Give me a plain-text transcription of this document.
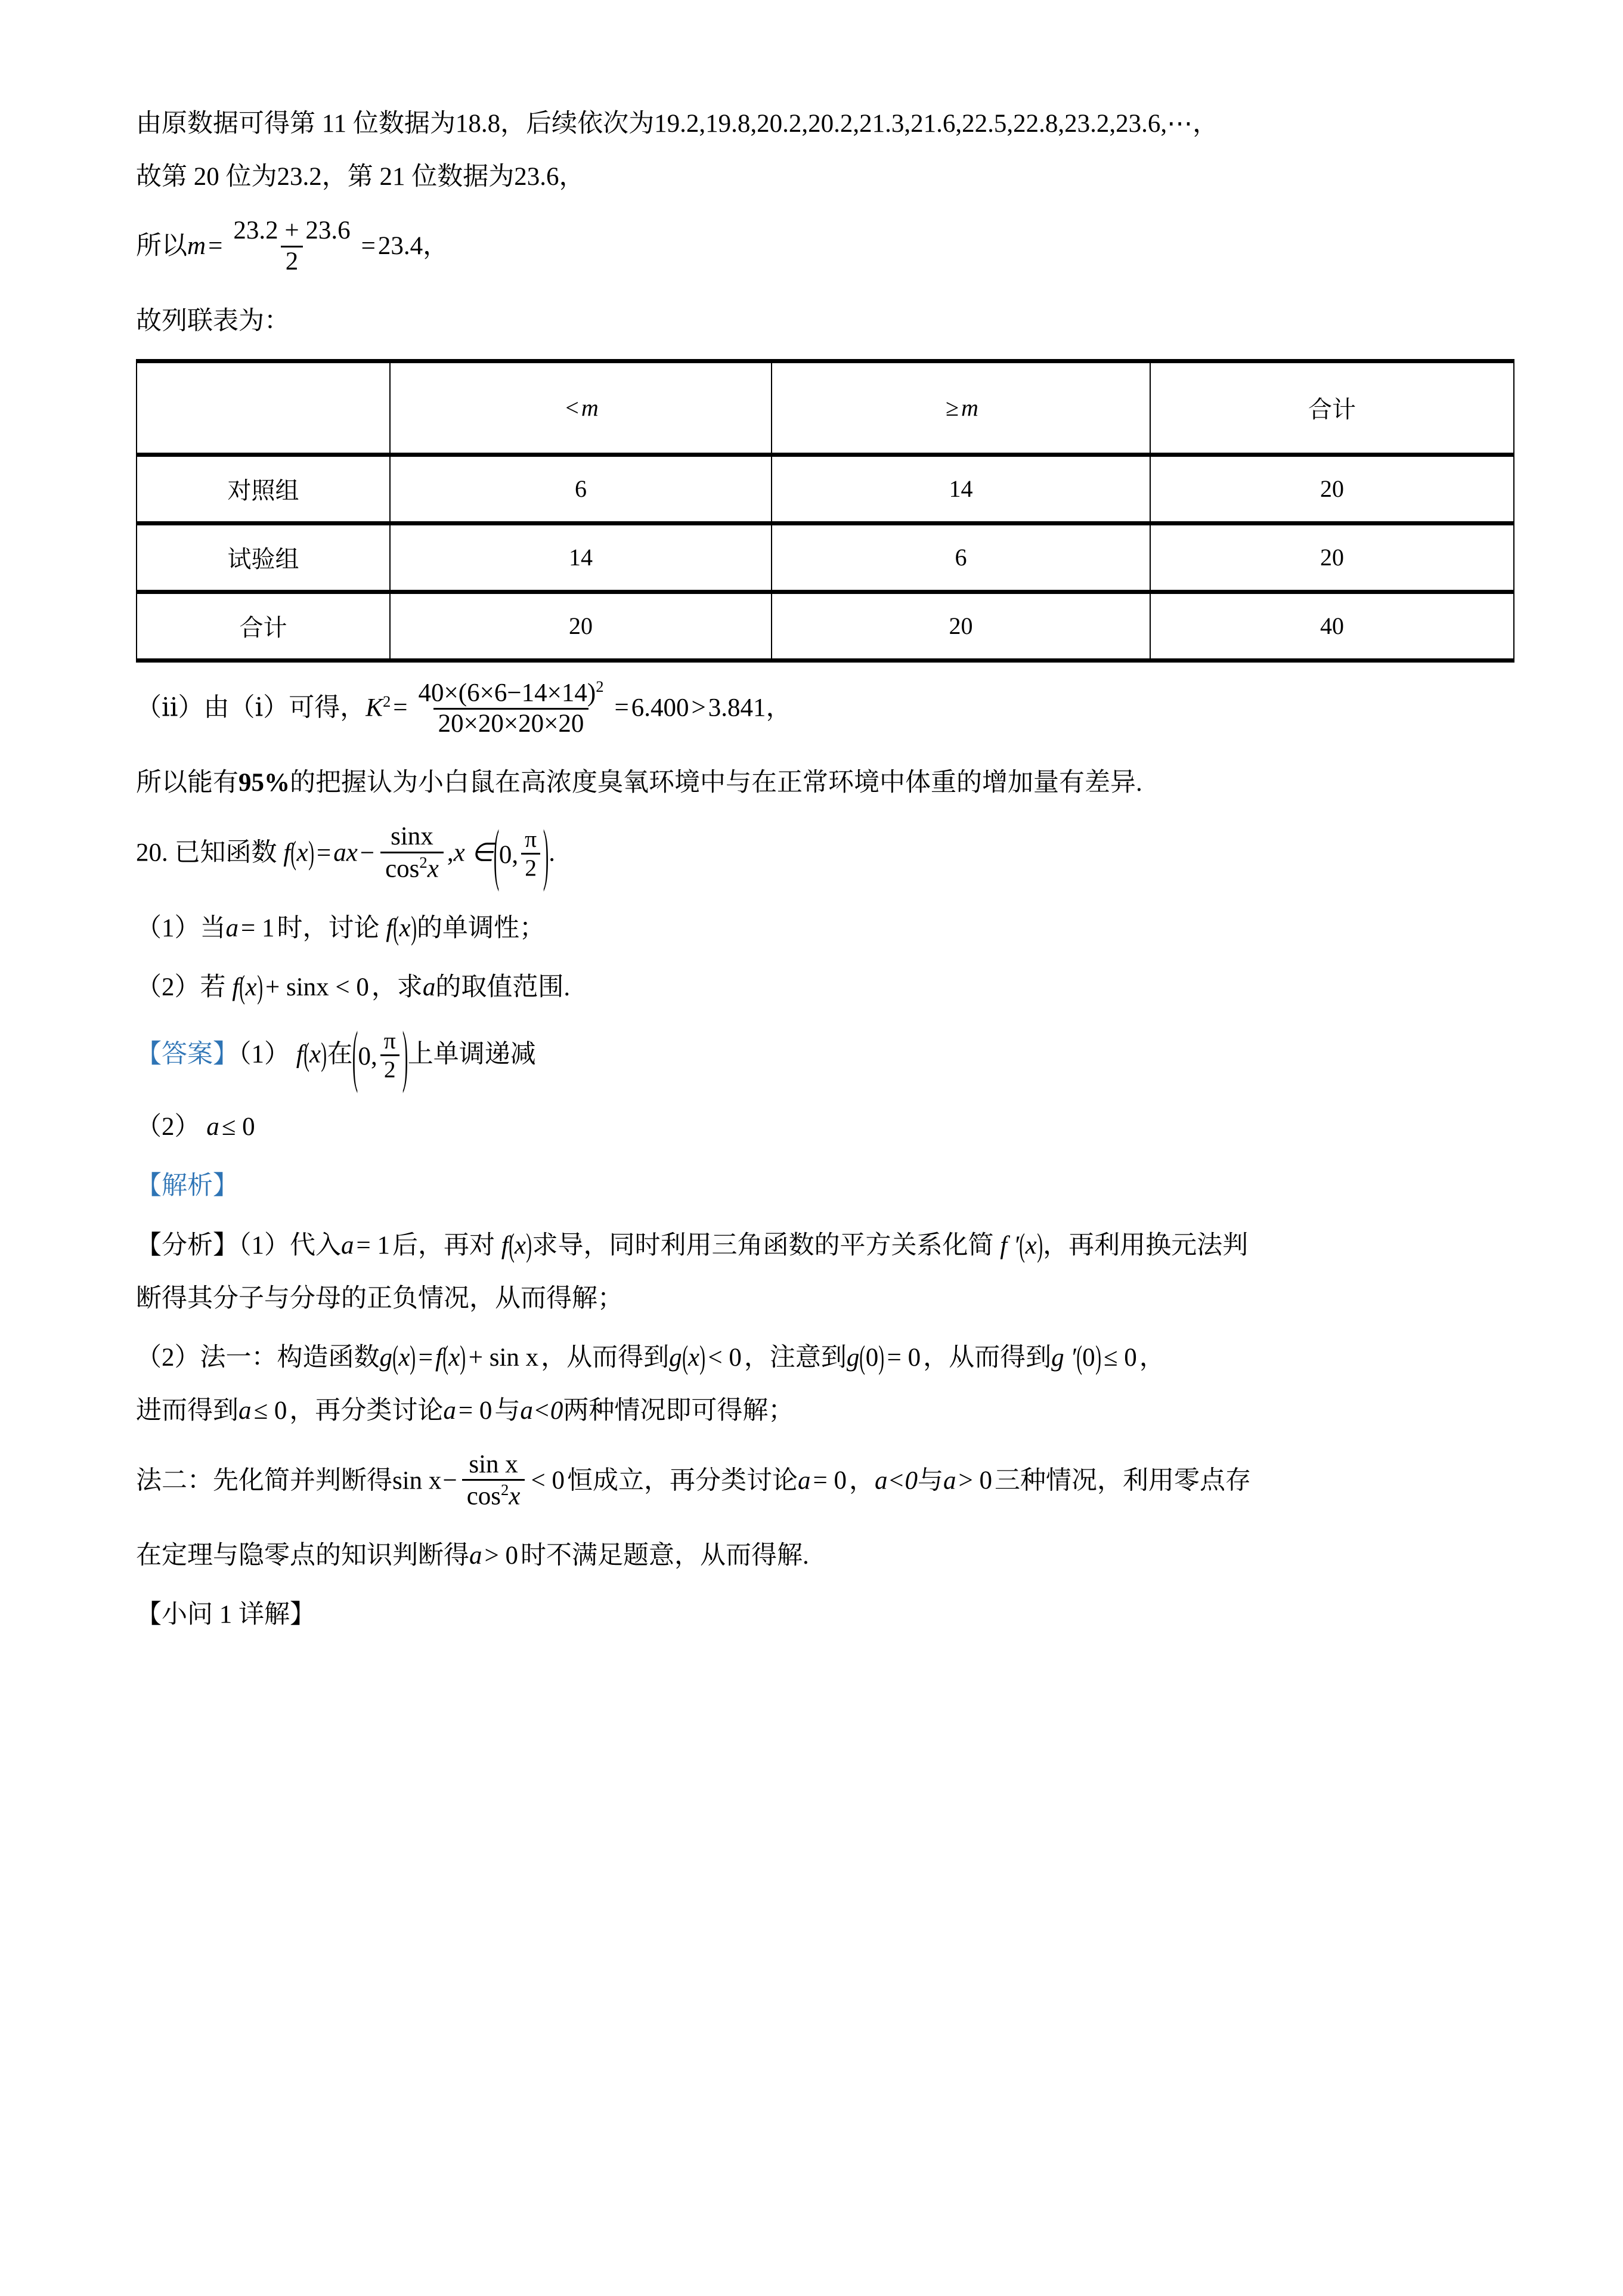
由原数据可得第 11 位数据为18.8，后续依次为19.2,19.8,20.2,20.2,21.3,21.6,22.5,22.8,23.2,23.6,⋯，

故第 20 位为23.2，第 21 位数据为23.6，

所以$m= \frac{23.2 + 23.6}{2} =23.4$，

故列联表为：

	< m	≥ m	合计
对照组	6	14	20
试验组	14	6	20
合计	20	20	40

（ⅱ）由（ⅰ）可得，$K^2= \frac{40\times(6\times 6-14\times 14)^2}{20\times 20\times 20\times 20} =6.400>3.841$，

所以能有95%的把握认为小白鼠在高浓度臭氧环境中与在正常环境中体重的增加量有差异.

20. 已知函数 $f(x)=ax- \frac{\sin x}{\cos^2x} ,x$ ∈ ( 0, $\frac{\pi}{2}$ ) .

（1）当a= 1时，讨论 f(x)的单调性；

（2）若 f(x)+ sinx < 0，求a的取值范围.

【答案】（1） f(x)在 ( 0, $\frac{\pi}{2}$ ) 上单调递减

（2） a≤ 0

【解析】

【分析】（1）代入a= 1后，再对 f(x)求导，同时利用三角函数的平方关系化简 f ′(x)，再利用换元法判

断得其分子与分母的正负情况，从而得解；

（2）法一：构造函数g(x)=f(x)+ sin x，从而得到g(x)< 0，注意到g(0)= 0，从而得到g ′(0)≤ 0，

进而得到a≤ 0，再分类讨论a= 0与a<0两种情况即可得解；

法二：先化简并判断得$\sin x- \frac{\text{sin x}}{\cos^2x} < 0$恒成立，再分类讨论a= 0，a<0与a> 0三种情况，利用零点存

在定理与隐零点的知识判断得a> 0时不满足题意，从而得解.

【小问 1 详解】
